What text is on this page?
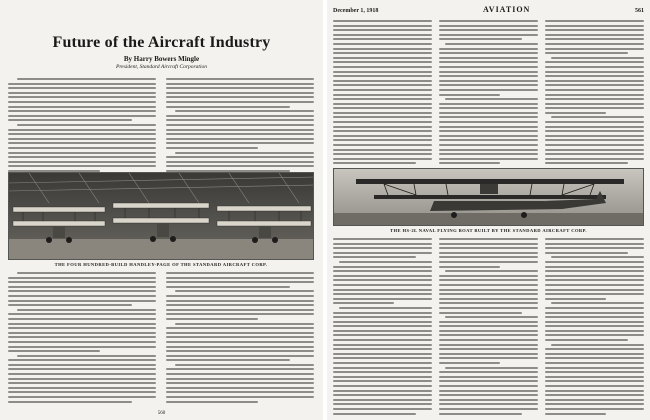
Future of the Aircraft Industry
By Harry Bowers Mingle
President, Standard Aircraft Corporation
THE FOUR HUNDRED-BUILD HANDLEY-PAGE OF THE STANDARD AIRCRAFT CORP.
560
December 1, 1918	AVIATION	561
THE HS-2L NAVAL FLYING BOAT BUILT BY THE STANDARD AIRCRAFT CORP.
